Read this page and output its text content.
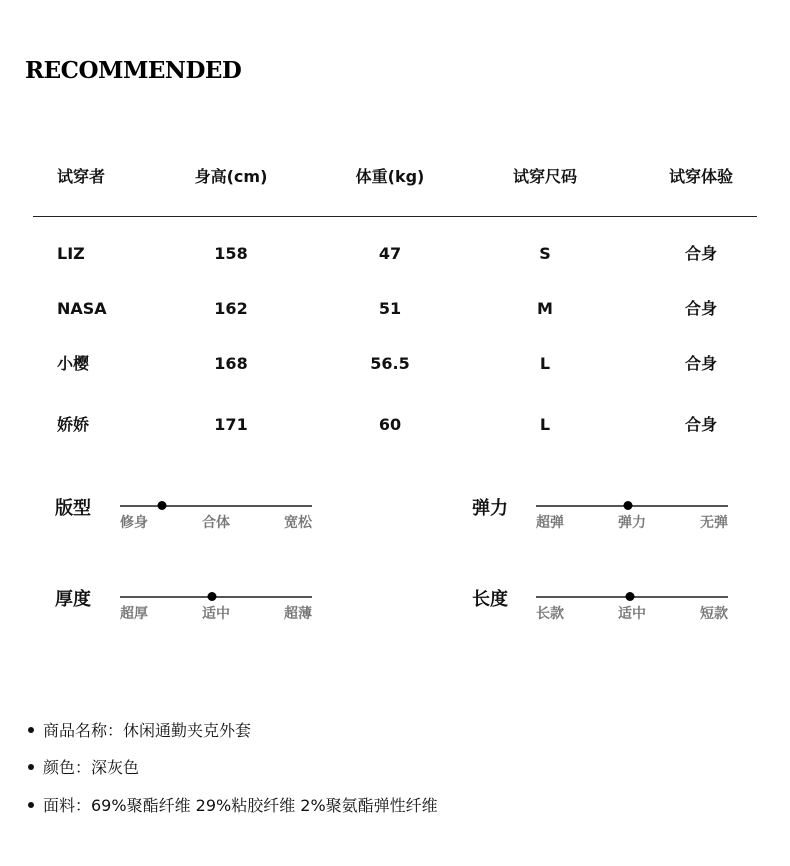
RECOMMENDED
试穿者	身高(cm)	体重(kg)	试穿尺码	试穿体验
LIZ	158	47	S	合身
NASA	162	51	M	合身
小樱	168	56.5	L	合身
娇娇	171	60	L	合身
版型
修身	合体	宽松
弹力
超弹	弹力	无弹
厚度
超厚	适中	超薄
长度
长款	适中	短款
商品名称：休闲通勤夹克外套
颜色：深灰色
面料：69%聚酯纤维 29%粘胶纤维 2%聚氨酯弹性纤维
